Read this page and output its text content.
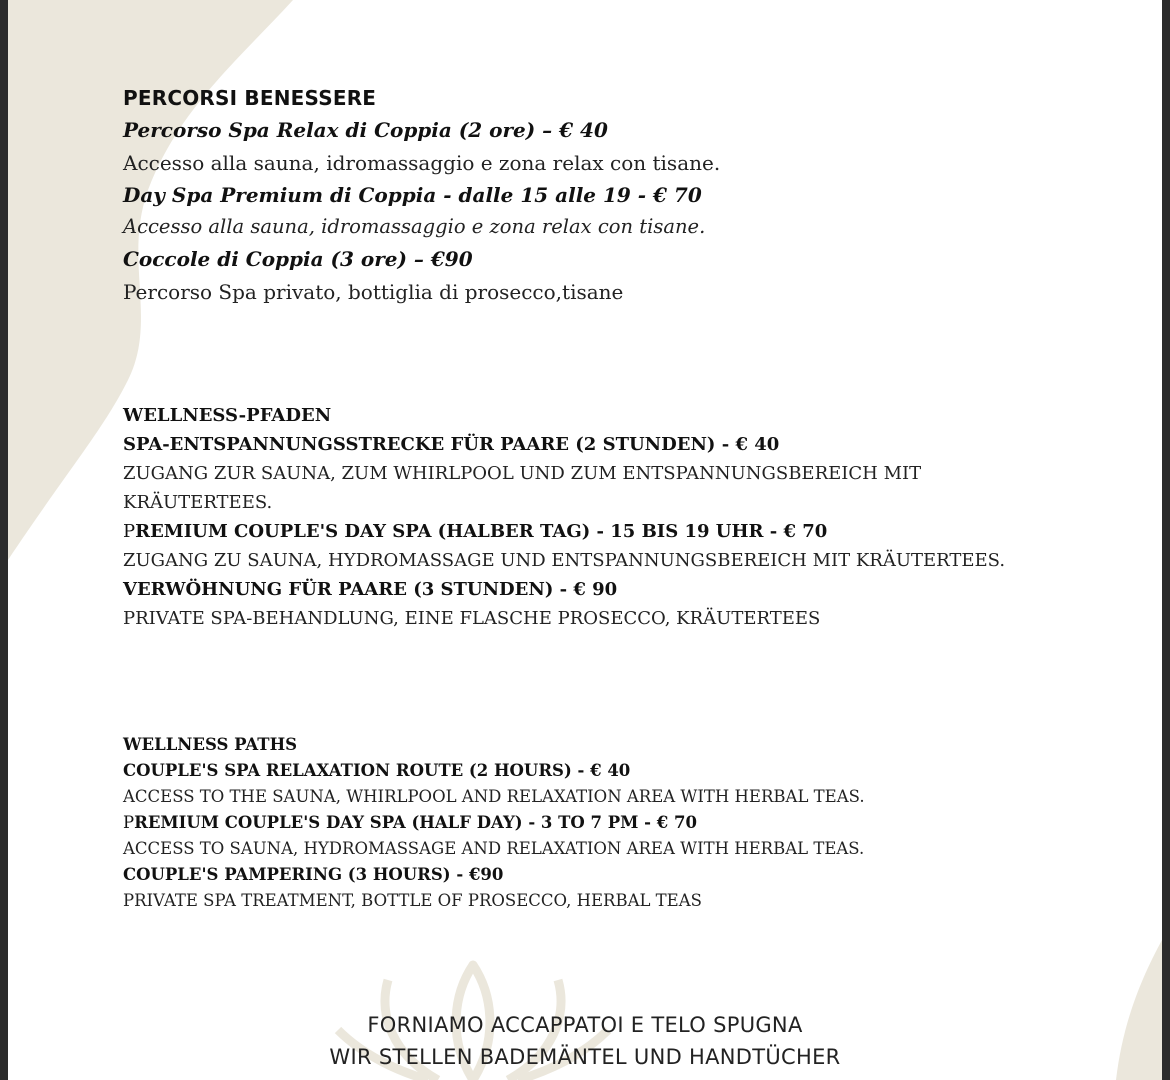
PERCORSI BENESSERE
Percorso Spa Relax di Coppia (2 ore) – € 40
Accesso alla sauna, idromassaggio e zona relax con tisane.
Day Spa Premium di Coppia - dalle 15 alle 19 - € 70
Accesso alla sauna, idromassaggio e zona relax con tisane.
Coccole di Coppia (3 ore) – €90
Percorso Spa privato, bottiglia di prosecco,tisane
WELLNESS-PFADEN
SPA-ENTSPANNUNGSSTRECKE FÜR PAARE (2 STUNDEN) - € 40
ZUGANG ZUR SAUNA, ZUM WHIRLPOOL UND ZUM ENTSPANNUNGSBEREICH MIT
KRÄUTERTEES.
PREMIUM COUPLE'S DAY SPA (HALBER TAG) - 15 BIS 19 UHR - € 70
ZUGANG ZU SAUNA, HYDROMASSAGE UND ENTSPANNUNGSBEREICH MIT KRÄUTERTEES.
VERWÖHNUNG FÜR PAARE (3 STUNDEN) - € 90
PRIVATE SPA-BEHANDLUNG, EINE FLASCHE PROSECCO, KRÄUTERTEES
WELLNESS PATHS
COUPLE'S SPA RELAXATION ROUTE (2 HOURS) - € 40
ACCESS TO THE SAUNA, WHIRLPOOL AND RELAXATION AREA WITH HERBAL TEAS.
PREMIUM COUPLE'S DAY SPA (HALF DAY) - 3 TO 7 PM - € 70
ACCESS TO SAUNA, HYDROMASSAGE AND RELAXATION AREA WITH HERBAL TEAS.
COUPLE'S PAMPERING (3 HOURS) - €90
PRIVATE SPA TREATMENT, BOTTLE OF PROSECCO, HERBAL TEAS
FORNIAMO ACCAPPATOI E TELO SPUGNA
WIR STELLEN BADEMÄNTEL UND HANDTÜCHER
